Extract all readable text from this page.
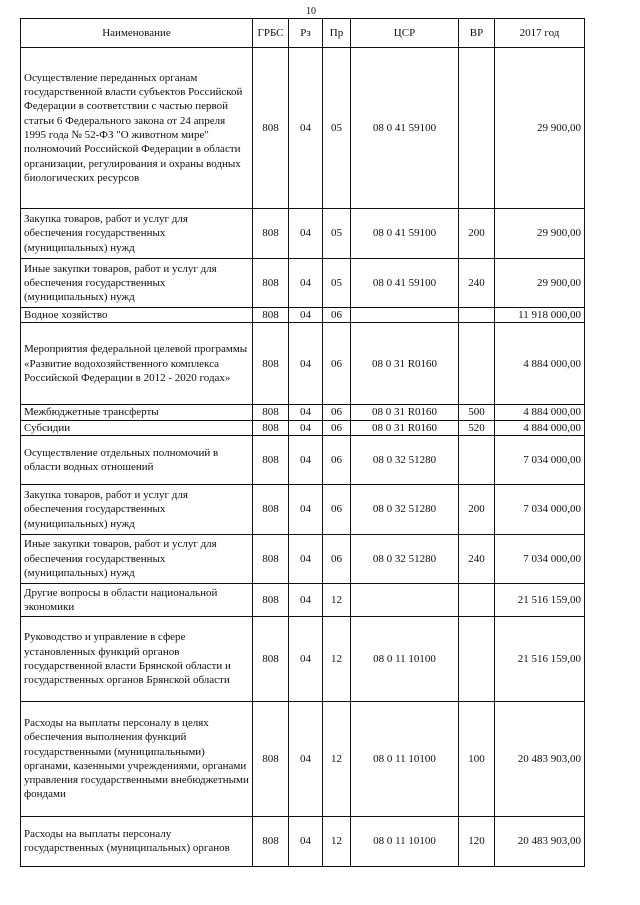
10
Наименование	ГРБС	Рз	Пр	ЦСР	ВР	2017 год
Осуществление переданных органам государственной власти субъектов Российской Федерации в соответствии с частью первой статьи 6 Федерального закона от 24 апреля 1995 года № 52-ФЗ "О животном мире" полномочий Российской Федерации в области организации, регулирования и охраны водных биологических ресурсов	808	04	05	08 0 41 59100		29 900,00
Закупка товаров, работ и услуг для обеспечения государственных (муниципальных) нужд	808	04	05	08 0 41 59100	200	29 900,00
Иные закупки товаров, работ и услуг для обеспечения государственных (муниципальных) нужд	808	04	05	08 0 41 59100	240	29 900,00
Водное хозяйство	808	04	06			11 918 000,00
Мероприятия федеральной целевой программы «Развитие водохозяйственного комплекса Российской Федерации в 2012 - 2020 годах»	808	04	06	08 0 31 R0160		4 884 000,00
Межбюджетные трансферты	808	04	06	08 0 31 R0160	500	4 884 000,00
Субсидии	808	04	06	08 0 31 R0160	520	4 884 000,00
Осуществление отдельных полномочий в области водных отношений	808	04	06	08 0 32 51280		7 034 000,00
Закупка товаров, работ и услуг для обеспечения государственных (муниципальных) нужд	808	04	06	08 0 32 51280	200	7 034 000,00
Иные закупки товаров, работ и услуг для обеспечения государственных (муниципальных) нужд	808	04	06	08 0 32 51280	240	7 034 000,00
Другие вопросы в области национальной экономики	808	04	12			21 516 159,00
Руководство и управление в сфере установленных функций органов государственной власти Брянской области и государственных органов Брянской области	808	04	12	08 0 11 10100		21 516 159,00
Расходы на выплаты персоналу в целях обеспечения выполнения функций государственными (муниципальными) органами, казенными учреждениями, органами управления государственными внебюджетными фондами	808	04	12	08 0 11 10100	100	20 483 903,00
Расходы на выплаты персоналу государственных (муниципальных) органов	808	04	12	08 0 11 10100	120	20 483 903,00
